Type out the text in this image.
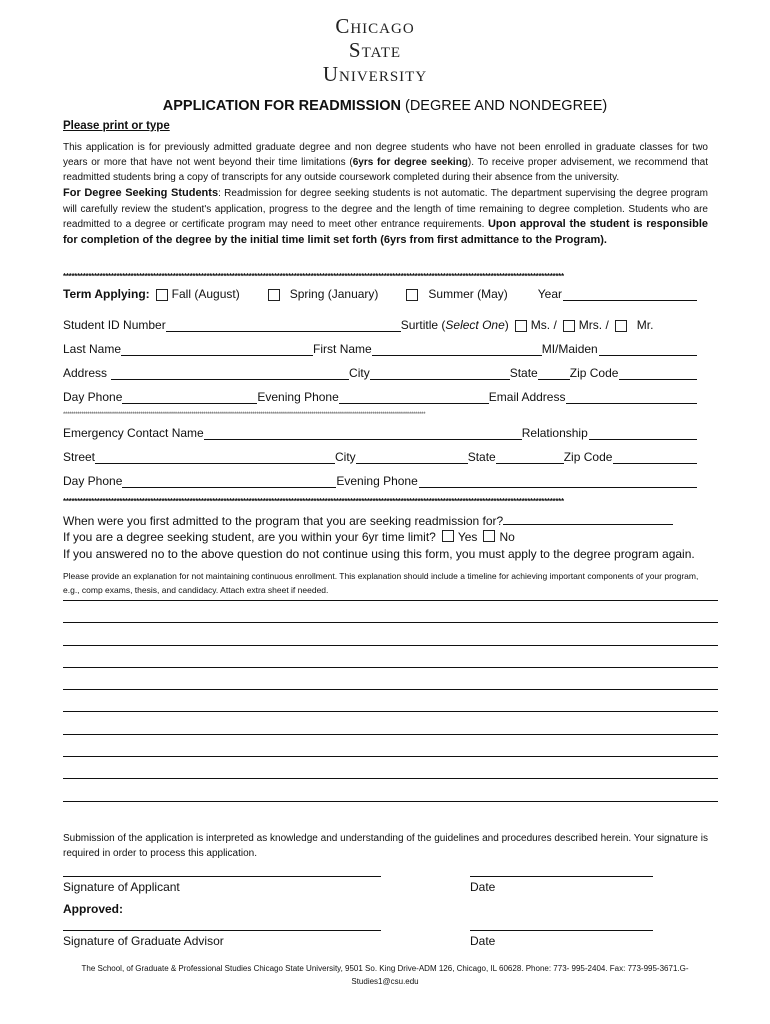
Chicago
State
University
APPLICATION FOR READMISSION (DEGREE AND NONDEGREE)
Please print or type
This application is for previously admitted graduate degree and non degree students who have not been enrolled in graduate classes for two years or more that have not went beyond their time limitations (6yrs for degree seeking). To receive proper advisement, we recommend that readmitted students bring a copy of transcripts for any outside coursework completed during their absence from the university.
For Degree Seeking Students: Readmission for degree seeking students is not automatic. The department supervising the degree program will carefully review the student's application, progress to the degree and the length of time remaining to degree completion. Students who are readmitted to a degree or certificate program may need to meet other entrance requirements. Upon approval the student is responsible for completion of the degree by the initial time limit set forth (6yrs from first admittance to the Program).
**********************************************************************************************************************************************************************************
Term Applying: Fall (August)	Spring (January)	Summer (May)	Year
Student ID Number	Surtitle (Select One) Ms. / Mrs. / Mr.
Last Name	First Name	MI/Maiden
Address	City	State	Zip Code
Day Phone	Evening Phone	Email Address
**********************************************************************************************************************************************************************************
Emergency Contact Name	Relationship
Street	City	State	Zip Code
Day Phone	Evening Phone
**********************************************************************************************************************************************************************************
When were you first admitted to the program that you are seeking readmission for?
If you are a degree seeking student, are you within your 6yr time limit? Yes No
If you answered no to the above question do not continue using this form, you must apply to the degree program again.
Please provide an explanation for not maintaining continuous enrollment. This explanation should include a timeline for achieving important components of your program, e.g., comp exams, thesis, and candidacy. Attach extra sheet if needed.
Submission of the application is interpreted as knowledge and understanding of the guidelines and procedures described herein. Your signature is required in order to process this application.
Signature of Applicant	Date
Approved:
Signature of Graduate Advisor	Date
The School, of Graduate & Professional Studies Chicago State University, 9501 So. King Drive-ADM 126, Chicago, IL 60628. Phone: 773- 995-2404. Fax: 773-995-3671.G-Studies1@csu.edu
